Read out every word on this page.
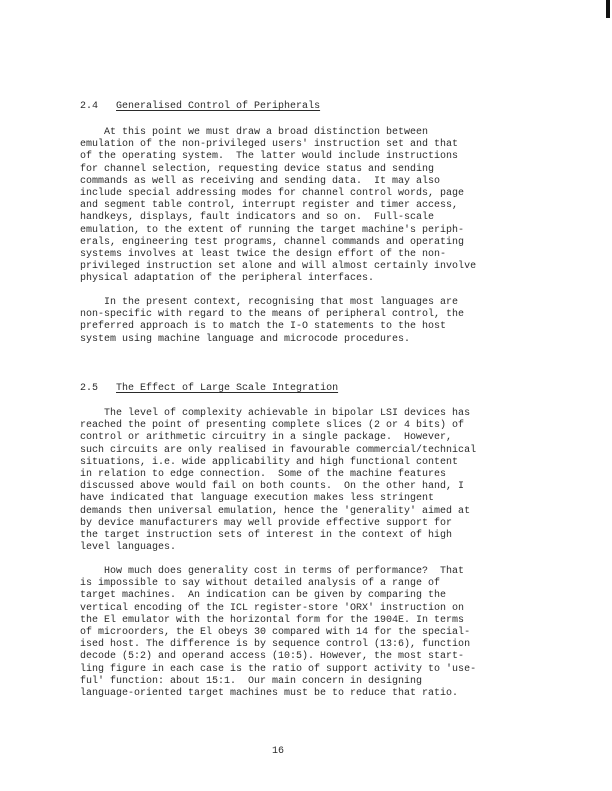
2.4 Generalised Control of Peripherals
At this point we must draw a broad distinction between
emulation of the non-privileged users' instruction set and that
of the operating system.  The latter would include instructions
for channel selection, requesting device status and sending
commands as well as receiving and sending data.  It may also
include special addressing modes for channel control words, page
and segment table control, interrupt register and timer access,
handkeys, displays, fault indicators and so on.  Full-scale
emulation, to the extent of running the target machine's periph-
erals, engineering test programs, channel commands and operating
systems involves at least twice the design effort of the non-
privileged instruction set alone and will almost certainly involve
physical adaptation of the peripheral interfaces.
In the present context, recognising that most languages are
non-specific with regard to the means of peripheral control, the
preferred approach is to match the I-O statements to the host
system using machine language and microcode procedures.
2.5 The Effect of Large Scale Integration
The level of complexity achievable in bipolar LSI devices has
reached the point of presenting complete slices (2 or 4 bits) of
control or arithmetic circuitry in a single package.  However,
such circuits are only realised in favourable commercial/technical
situations, i.e. wide applicability and high functional content
in relation to edge connection.  Some of the machine features
discussed above would fail on both counts.  On the other hand, I
have indicated that language execution makes less stringent
demands then universal emulation, hence the 'generality' aimed at
by device manufacturers may well provide effective support for
the target instruction sets of interest in the context of high
level languages.
How much does generality cost in terms of performance?  That
is impossible to say without detailed analysis of a range of
target machines.  An indication can be given by comparing the
vertical encoding of the ICL register-store 'ORX' instruction on
the El emulator with the horizontal form for the 1904E. In terms
of microorders, the El obeys 30 compared with 14 for the special-
ised host. The difference is by sequence control (13:6), function
decode (5:2) and operand access (10:5). However, the most start-
ling figure in each case is the ratio of support activity to 'use-
ful' function: about 15:1.  Our main concern in designing
language-oriented target machines must be to reduce that ratio.
16
